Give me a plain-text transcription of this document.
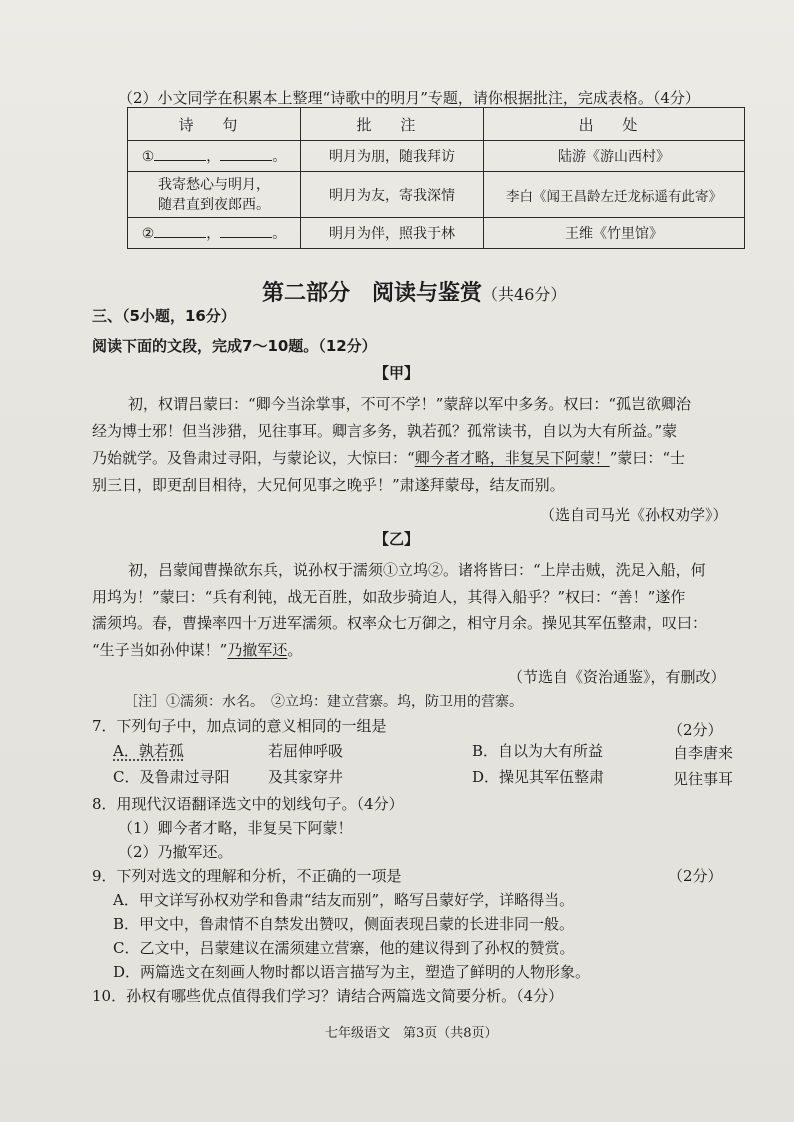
（2）小文同学在积累本上整理“诗歌中的明月”专题，请你根据批注，完成表格。（4分）
诗 句	批 注	出 处
① ， 。	明月为朋，随我拜访	陆游《游山西村》

我寄愁心与明月，
随君直到夜郎西。	明月为友，寄我深情	李白《闻王昌龄左迁龙标遥有此寄》
② ， 。	明月为伴，照我于林	王维《竹里馆》
第二部分　阅读与鉴赏（共46分）
三、（5小题，16分）
阅读下面的文段，完成7～10题。（12分）
【甲】
初，权谓吕蒙曰：“卿今当涂掌事，不可不学！”蒙辞以军中多务。权曰：“孤岂欲卿治
经为博士邪！但当涉猎，见往事耳。卿言多务，孰若孤？孤常读书，自以为大有所益。”蒙
乃始就学。及鲁肃过寻阳，与蒙论议，大惊曰：“卿今者才略，非复吴下阿蒙！”蒙曰：“士
别三日，即更刮目相待，大兄何见事之晚乎！”肃遂拜蒙母，结友而别。
（选自司马光《孙权劝学》）
【乙】
初，吕蒙闻曹操欲东兵，说孙权于濡须①立坞②。诸将皆曰：“上岸击贼，洗足入船，何
用坞为！”蒙曰：“兵有利钝，战无百胜，如敌步骑迫人，其得入船乎？”权曰：“善！”遂作
濡须坞。春，曹操率四十万进军濡须。权率众七万御之，相守月余。操见其军伍整肃，叹曰：
“生子当如孙仲谋！”乃撤军还。
（节选自《资治通鉴》，有删改）
［注］①濡须：水名。　②立坞：建立营寨。坞，防卫用的营寨。
7．下列句子中，加点词的意义相同的一组是	（2分）
A．孰若孤	若屈伸呼吸	B．自以为大有所益	自李唐来
C．及鲁肃过寻阳	及其家穿井	D．操见其军伍整肃	见往事耳
8．用现代汉语翻译选文中的划线句子。（4分）
（1）卿今者才略，非复吴下阿蒙！
（2）乃撤军还。
9．下列对选文的理解和分析，不正确的一项是	（2分）
A．甲文详写孙权劝学和鲁肃“结友而别”，略写吕蒙好学，详略得当。
B．甲文中，鲁肃情不自禁发出赞叹，侧面表现吕蒙的长进非同一般。
C．乙文中，吕蒙建议在濡须建立营寨，他的建议得到了孙权的赞赏。
D．两篇选文在刻画人物时都以语言描写为主，塑造了鲜明的人物形象。
10．孙权有哪些优点值得我们学习？请结合两篇选文简要分析。（4分）
七年级语文　第3页（共8页）
